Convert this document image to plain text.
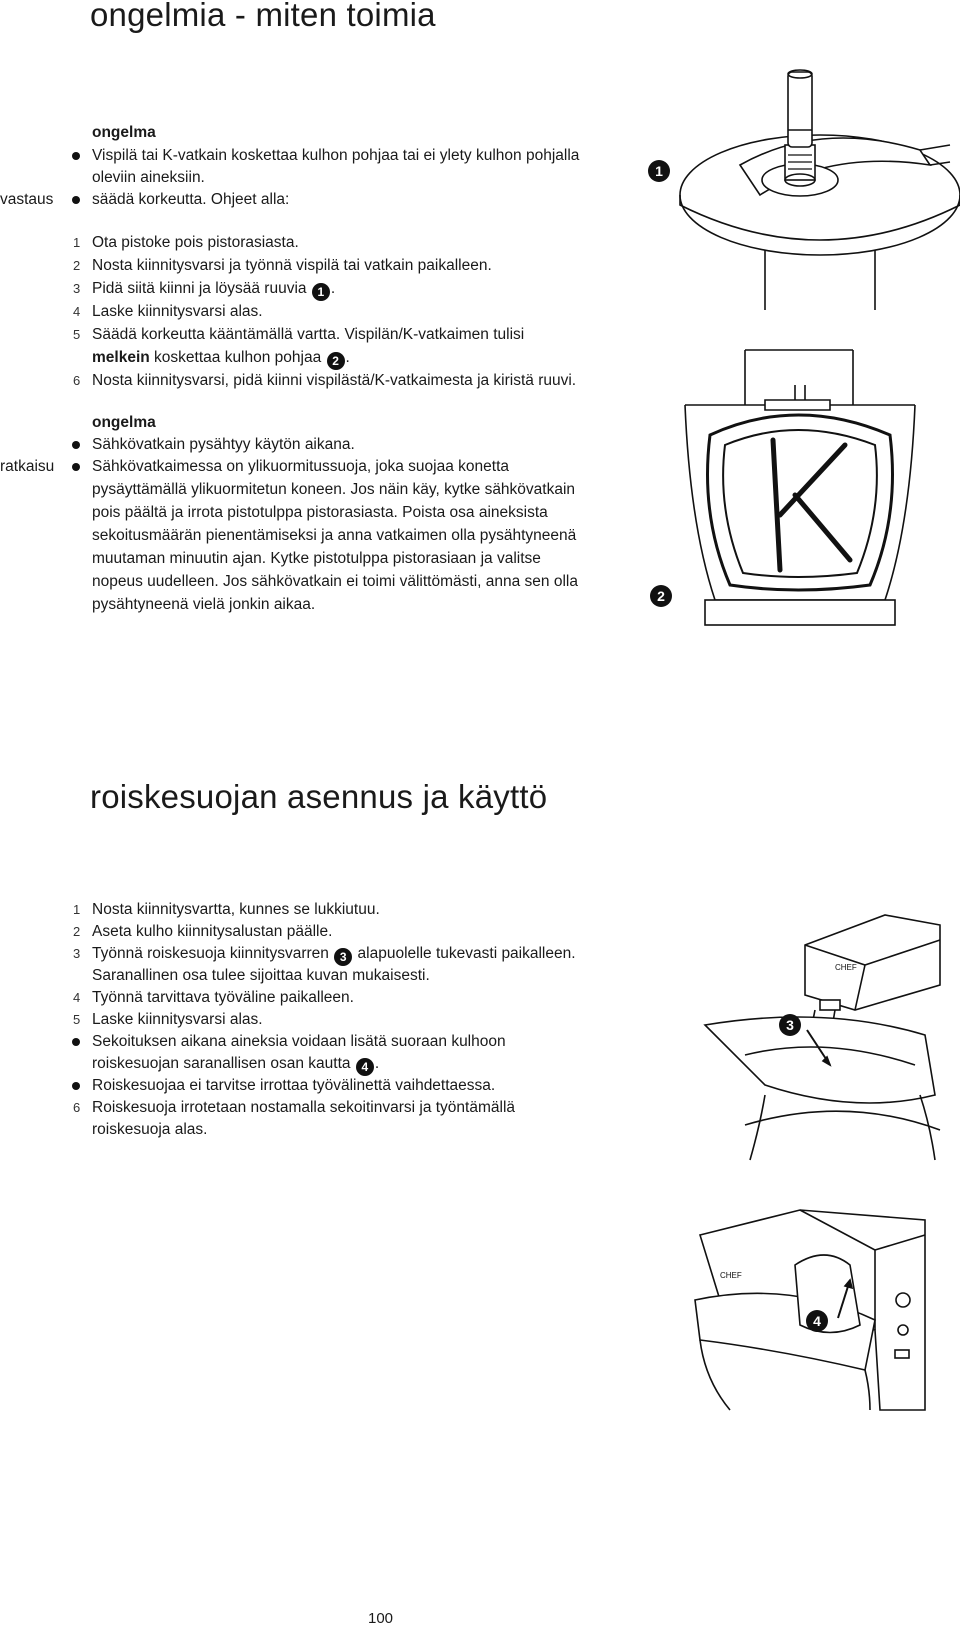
ongelmia - miten toimia
ongelma
Vispilä tai K-vatkain koskettaa kulhon pohjaa tai ei ylety kulhon pohjalla
oleviin aineksiin.
vastaus säädä korkeutta. Ohjeet alla:
1 Ota pistoke pois pistorasiasta.
2 Nosta kiinnitysvarsi ja työnnä vispilä tai vatkain paikalleen.
3 Pidä siitä kiinni ja löysää ruuvia 1 .
4 Laske kiinnitysvarsi alas.
5 Säädä korkeutta kääntämällä vartta. Vispilän/K-vatkaimen tulisi
melkein koskettaa kulhon pohjaa 2 .
6 Nosta kiinnitysvarsi, pidä kiinni vispilästä/K-vatkaimesta ja kiristä ruuvi.
ongelma
Sähkövatkain pysähtyy käytön aikana.
ratkaisu Sähkövatkaimessa on ylikuormitussuoja, joka suojaa konetta
pysäyttämällä ylikuormitetun koneen. Jos näin käy, kytke sähkövatkain
pois päältä ja irrota pistotulppa pistorasiasta. Poista osa aineksista
sekoitusmäärän pienentämiseksi ja anna vatkaimen olla pysähtyneenä
muutaman minuutin ajan. Kytke pistotulppa pistorasiaan ja valitse
nopeus uudelleen. Jos sähkövatkain ei toimi välittömästi, anna sen olla
pysähtyneenä vielä jonkin aikaa.
1
2
roiskesuojan asennus ja käyttö
1 Nosta kiinnitysvartta, kunnes se lukkiutuu.
2 Aseta kulho kiinnitysalustan päälle.
3 Työnnä roiskesuoja kiinnitysvarren 3 alapuolelle tukevasti paikalleen.
Saranallinen osa tulee sijoittaa kuvan mukaisesti.
4 Työnnä tarvittava työväline paikalleen.
5 Laske kiinnitysvarsi alas.
Sekoituksen aikana aineksia voidaan lisätä suoraan kulhoon
roiskesuojan saranallisen osan kautta 4 .
Roiskesuojaa ei tarvitse irrottaa työvälinettä vaihdettaessa.
6 Roiskesuoja irrotetaan nostamalla sekoitinvarsi ja työntämällä
roiskesuoja alas.
CHEF
3
CHEF
4
100
